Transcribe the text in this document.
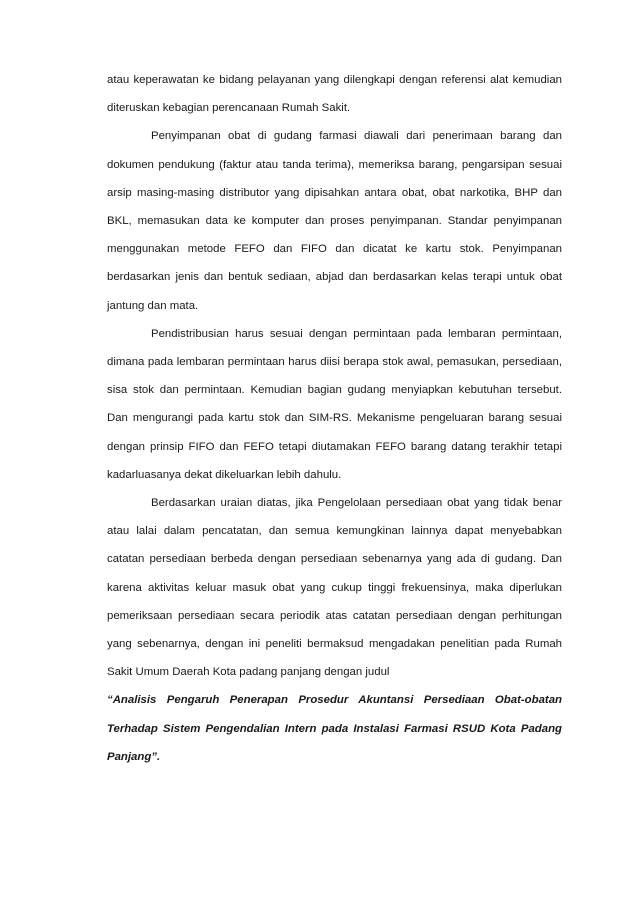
atau keperawatan ke bidang pelayanan yang dilengkapi dengan referensi alat kemudian diteruskan kebagian perencanaan Rumah Sakit.

Penyimpanan obat di gudang farmasi diawali dari penerimaan barang dan dokumen pendukung (faktur atau tanda terima), memeriksa barang, pengarsipan sesuai arsip masing-masing distributor yang dipisahkan antara obat, obat narkotika, BHP dan BKL, memasukan data ke komputer dan proses penyimpanan. Standar penyimpanan menggunakan metode FEFO dan FIFO dan dicatat ke kartu stok. Penyimpanan berdasarkan jenis dan bentuk sediaan, abjad dan berdasarkan kelas terapi untuk obat jantung dan mata.

Pendistribusian harus sesuai dengan permintaan pada lembaran permintaan, dimana pada lembaran permintaan harus diisi berapa stok awal, pemasukan, persediaan, sisa stok dan permintaan. Kemudian bagian gudang menyiapkan kebutuhan tersebut. Dan mengurangi pada kartu stok dan SIM-RS. Mekanisme pengeluaran barang sesuai dengan prinsip FIFO dan FEFO tetapi diutamakan FEFO barang datang terakhir tetapi kadarluasanya dekat dikeluarkan lebih dahulu.

Berdasarkan uraian diatas, jika Pengelolaan persediaan obat yang tidak benar atau lalai dalam pencatatan, dan semua kemungkinan lainnya dapat menyebabkan catatan persediaan berbeda dengan persediaan sebenarnya yang ada di gudang. Dan karena aktivitas keluar masuk obat yang cukup tinggi frekuensinya, maka diperlukan pemeriksaan persediaan secara periodik atas catatan persediaan dengan perhitungan yang sebenarnya, dengan ini peneliti bermaksud mengadakan penelitian pada Rumah Sakit Umum Daerah Kota padang panjang dengan judul

“Analisis Pengaruh Penerapan Prosedur Akuntansi Persediaan Obat-obatan Terhadap Sistem Pengendalian Intern pada Instalasi Farmasi RSUD Kota Padang Panjang”.
